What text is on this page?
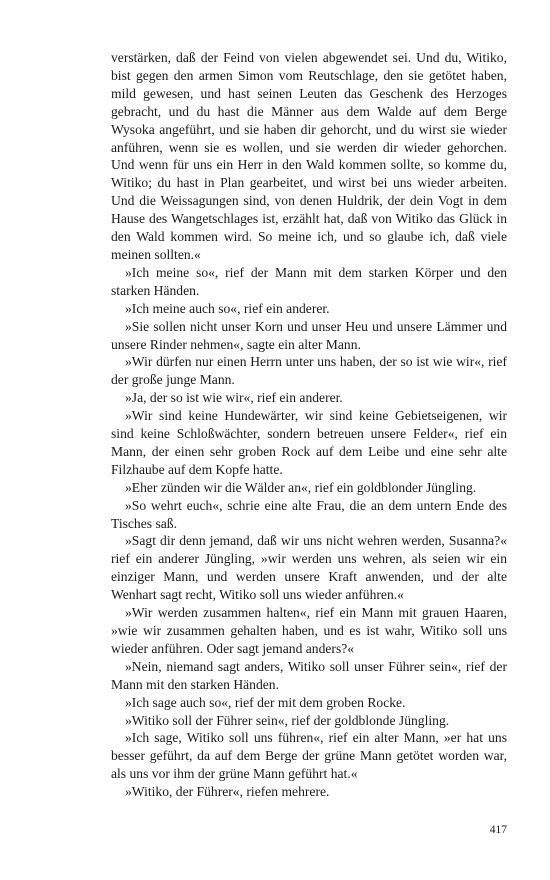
verstärken, daß der Feind von vielen abgewendet sei. Und du, Witiko, bist gegen den armen Simon vom Reutschlage, den sie getötet haben, mild gewesen, und hast seinen Leuten das Geschenk des Herzoges gebracht, und du hast die Männer aus dem Walde auf dem Berge Wysoka angeführt, und sie haben dir gehorcht, und du wirst sie wieder anführen, wenn sie es wollen, und sie werden dir wieder gehorchen. Und wenn für uns ein Herr in den Wald kommen sollte, so komme du, Witiko; du hast in Plan gearbeitet, und wirst bei uns wieder arbeiten. Und die Weissagungen sind, von denen Huldrik, der dein Vogt in dem Hause des Wangetschlages ist, erzählt hat, daß von Witiko das Glück in den Wald kommen wird. So meine ich, und so glaube ich, daß viele meinen sollten.«

»Ich meine so«, rief der Mann mit dem starken Körper und den starken Händen.

»Ich meine auch so«, rief ein anderer.

»Sie sollen nicht unser Korn und unser Heu und unsere Lämmer und unsere Rinder nehmen«, sagte ein alter Mann.

»Wir dürfen nur einen Herrn unter uns haben, der so ist wie wir«, rief der große junge Mann.

»Ja, der so ist wie wir«, rief ein anderer.

»Wir sind keine Hundewärter, wir sind keine Gebietseigenen, wir sind keine Schloßwächter, sondern betreuen unsere Felder«, rief ein Mann, der einen sehr groben Rock auf dem Leibe und eine sehr alte Filzhaube auf dem Kopfe hatte.

»Eher zünden wir die Wälder an«, rief ein goldblonder Jüngling.

»So wehrt euch«, schrie eine alte Frau, die an dem untern Ende des Tisches saß.

»Sagt dir denn jemand, daß wir uns nicht wehren werden, Susanna?« rief ein anderer Jüngling, »wir werden uns wehren, als seien wir ein einziger Mann, und werden unsere Kraft anwenden, und der alte Wenhart sagt recht, Witiko soll uns wieder anführen.«

»Wir werden zusammen halten«, rief ein Mann mit grauen Haaren, »wie wir zusammen gehalten haben, und es ist wahr, Witiko soll uns wieder anführen. Oder sagt jemand anders?«

»Nein, niemand sagt anders, Witiko soll unser Führer sein«, rief der Mann mit den starken Händen.

»Ich sage auch so«, rief der mit dem groben Rocke.

»Witiko soll der Führer sein«, rief der goldblonde Jüngling.

»Ich sage, Witiko soll uns führen«, rief ein alter Mann, »er hat uns besser geführt, da auf dem Berge der grüne Mann getötet worden war, als uns vor ihm der grüne Mann geführt hat.«

»Witiko, der Führer«, riefen mehrere.

417
